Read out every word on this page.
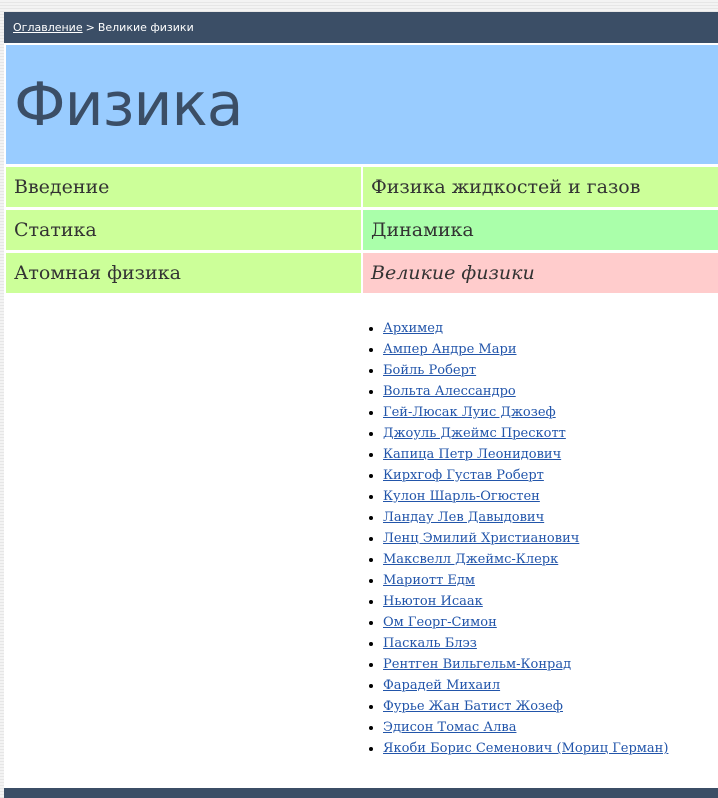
Оглавление > Великие физики
Физика
Введение	Физика жидкостей и газов
Статика	Динамика
Атомная физика	Великие физики
• Архимед
• Ампер Андре Мари
• Бойль Роберт
• Вольта Алессандро
• Гей-Люсак Луис Джозеф
• Джоуль Джеймс Прескотт
• Капица Петр Леонидович
• Кирхгоф Густав Роберт
• Кулон Шарль-Огюстен
• Ландау Лев Давыдович
• Ленц Эмилий Христианович
• Максвелл Джеймс-Клерк
• Мариотт Едм
• Ньютон Исаак
• Ом Георг-Симон
• Паскаль Блэз
• Рентген Вильгельм-Конрад
• Фарадей Михаил
• Фурье Жан Батист Жозеф
• Эдисон Томас Алва
• Якоби Борис Семенович (Мориц Герман)
